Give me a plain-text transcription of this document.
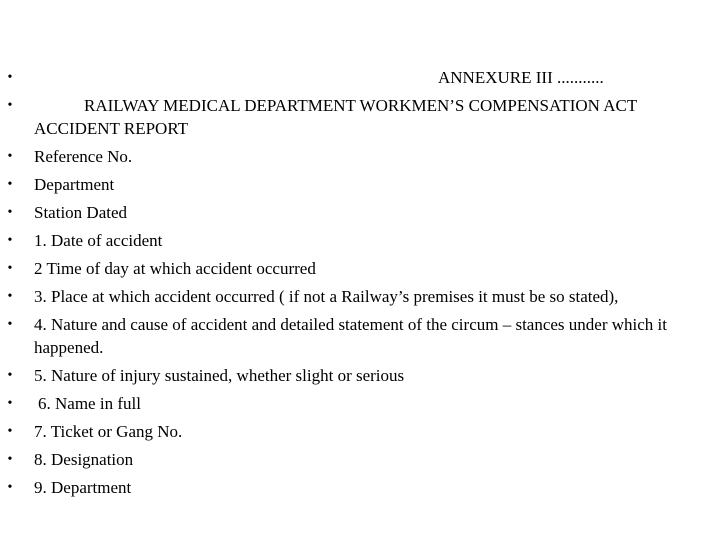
•	ANNEXURE III ...........
•	RAILWAY MEDICAL DEPARTMENT WORKMEN’S COMPENSATION ACT ACCIDENT REPORT
• Reference No.
• Department
• Station Dated
• 1. Date of accident
• 2 Time of day at which accident occurred
• 3. Place at which accident occurred ( if not a Railway’s premises it must be so stated),
• 4. Nature and cause of accident and detailed statement of the circum – stances under which it happened.
• 5. Nature of injury sustained, whether slight or serious
• 6. Name in full
• 7. Ticket or Gang No.
• 8. Designation
• 9. Department
